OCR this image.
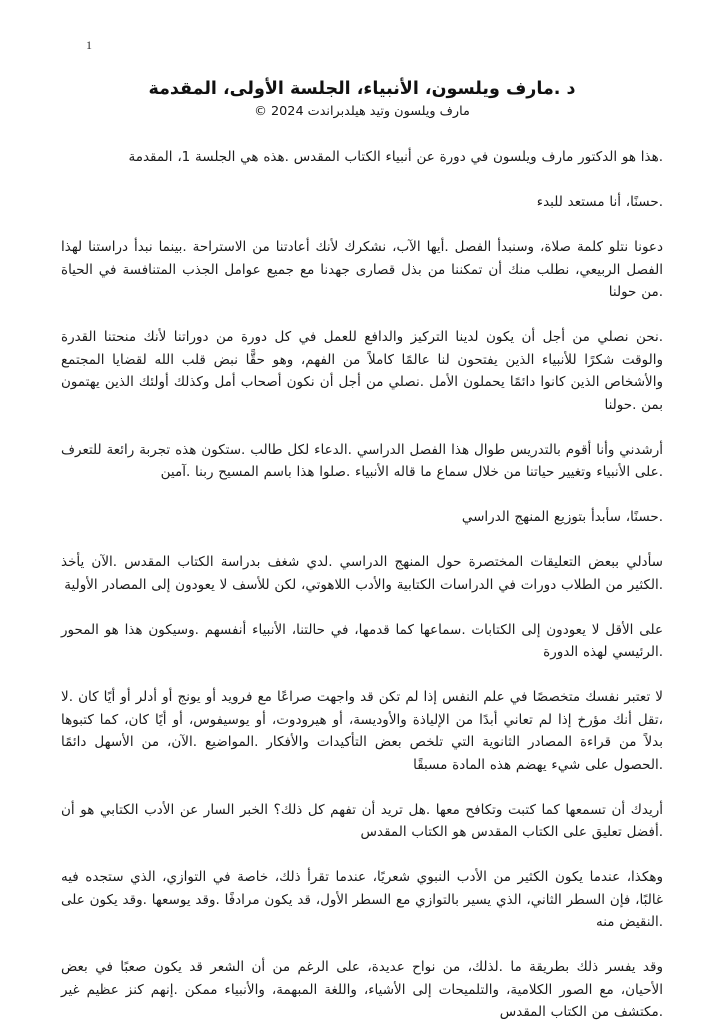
1
د .مارف ويلسون، الأنبياء، الجلسة الأولى، المقدمة
مارف ويلسون وتيد هيلدبراندت 2024 ©

.هذا هو الدكتور مارف ويلسون في دورة عن أنبياء الكتاب المقدس .هذه هي الجلسة 1، المقدمة

.حسنًا، أنا مستعد للبدء

دعونا نتلو كلمة صلاة، وسنبدأ الفصل .أيها الآب، نشكرك لأنك أعادتنا من الاستراحة .بينما نبدأ دراستنا لهذا الفصل الربيعي، نطلب منك أن تمكننا من بذل قصارى جهدنا مع جميع عوامل الجذب المتنافسة في الحياة .من حولنا

.نحن نصلي من أجل أن يكون لدينا التركيز والدافع للعمل في كل دورة من دوراتنا لأنك منحتنا القدرة والوقت شكرًا للأنبياء الذين يفتحون لنا عالمًا كاملاً من الفهم، وهو حقًّا نبض قلب الله لقضايا المجتمع والأشخاص الذين كانوا دائمًا يحملون الأمل .نصلي من أجل أن نكون أصحاب أمل وكذلك أولئك الذين يهتمون بمن .حولنا

أرشدني وأنا أقوم بالتدريس طوال هذا الفصل الدراسي .الدعاء لكل طالب .ستكون هذه تجربة رائعة للتعرف .على الأنبياء وتغيير حياتنا من خلال سماع ما قاله الأنبياء .صلوا هذا باسم المسيح ربنا .آمين

.حسنًا، سأبدأ بتوزيع المنهج الدراسي

سأدلي ببعض التعليقات المختصرة حول المنهج الدراسي .لدي شغف بدراسة الكتاب المقدس .الآن يأخذ .الكثير من الطلاب دورات في الدراسات الكتابية والأدب اللاهوتي، لكن للأسف لا يعودون إلى المصادر الأولية

على الأقل لا يعودون إلى الكتابات .سماعها كما قدمها، في حالتنا، الأنبياء أنفسهم .وسيكون هذا هو المحور .الرئيسي لهذه الدورة

لا تعتبر نفسك متخصصًا في علم النفس إذا لم تكن قد واجهت صراعًا مع فرويد أو يونج أو أدلر أو أيًا كان .لا ،تقل أنك مؤرخ إذا لم تعاني أبدًا من الإلياذة والأوديسة، أو هيرودوت، أو يوسيفوس، أو أيًا كان، كما كتبوها بدلاً من قراءة المصادر الثانوية التي تلخص بعض التأكيدات والأفكار .المواضيع .الآن، من الأسهل دائمًا .الحصول على شيء يهضم هذه المادة مسبقًا

أريدك أن تسمعها كما كتبت وتكافح معها .هل تريد أن تفهم كل ذلك؟ الخبر السار عن الأدب الكتابي هو أن .أفضل تعليق على الكتاب المقدس هو الكتاب المقدس

وهكذا، عندما يكون الكثير من الأدب النبوي شعريًا، عندما تقرأ ذلك، خاصة في التوازي، الذي ستجده فيه غالبًا، فإن السطر الثاني، الذي يسير بالتوازي مع السطر الأول، قد يكون مرادفًا .وقد يوسعها .وقد يكون على .النقيض منه

وقد يفسر ذلك بطريقة ما .لذلك، من نواح عديدة، على الرغم من أن الشعر قد يكون صعبًا في بعض الأحيان، مع الصور الكلامية، والتلميحات إلى الأشياء، واللغة المبهمة، والأنبياء ممكن .إنهم كنز عظيم غير .مكتشف من الكتاب المقدس
